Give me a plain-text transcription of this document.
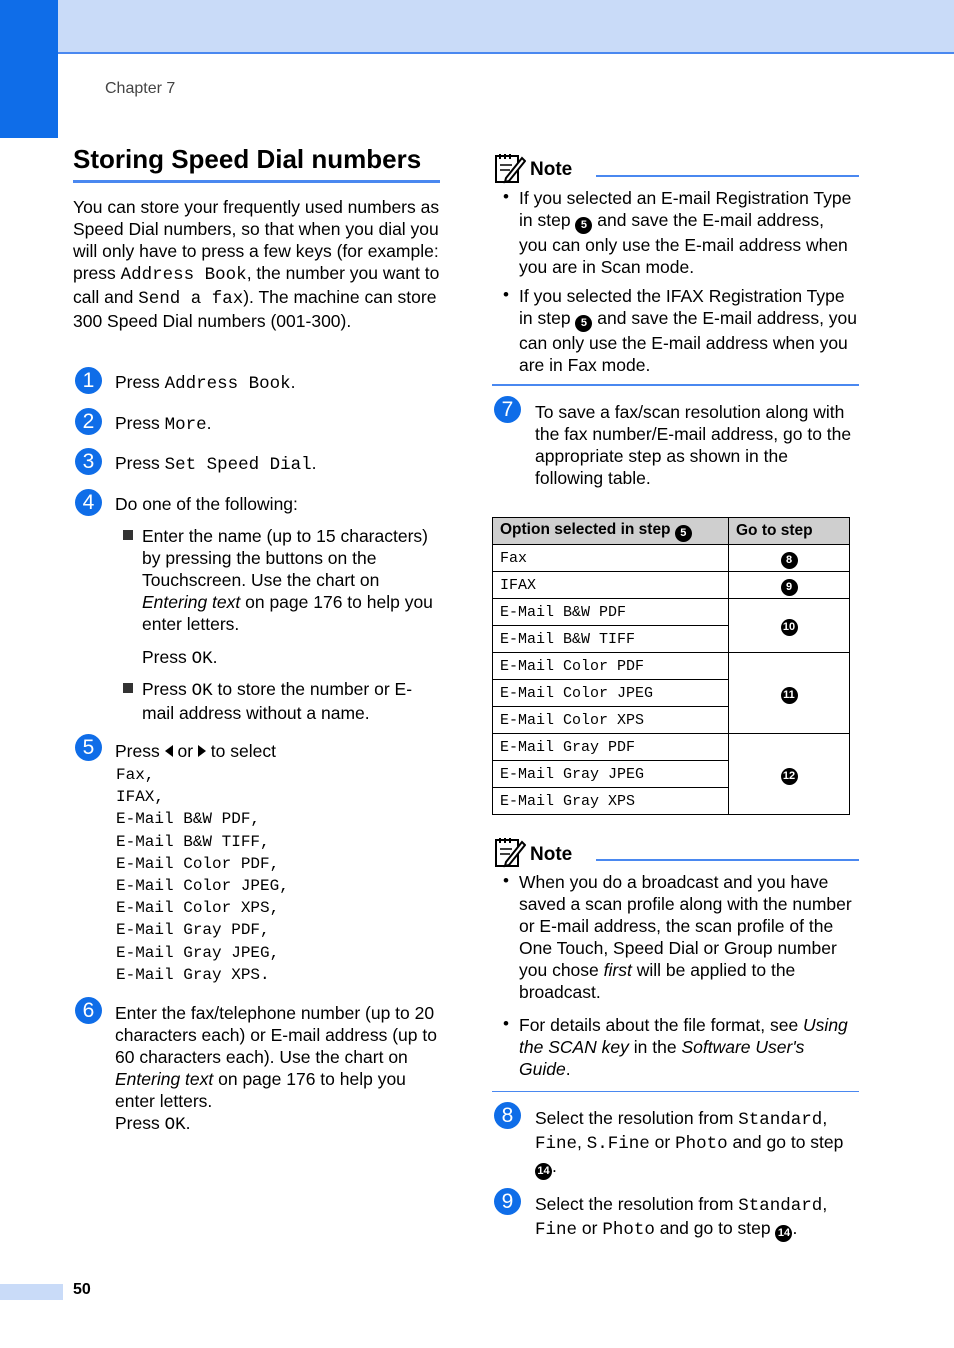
Chapter 7
Storing Speed Dial numbers
You can store your frequently used numbers as Speed Dial numbers, so that when you dial you will only have to press a few keys (for example: press Address Book, the number you want to call and Send a fax). The machine can store 300 Speed Dial numbers (001-300).
1	Press Address Book.
2	Press More.
3	Press Set Speed Dial.
4	Do one of the following:
Enter the name (up to 15 characters) by pressing the buttons on the Touchscreen. Use the chart on Entering text on page 176 to help you enter letters.
Press OK.
Press OK to store the number or E-mail address without a name.
5	Press  or  to select
Fax,
IFAX,
E-Mail B&W PDF,
E-Mail B&W TIFF,
E-Mail Color PDF,
E-Mail Color JPEG,
E-Mail Color XPS,
E-Mail Gray PDF,
E-Mail Gray JPEG,
E-Mail Gray XPS.
6	Enter the fax/telephone number (up to 20 characters each) or E-mail address (up to 60 characters each). Use the chart on Entering text on page 176 to help you enter letters.
Press OK.
Note
• If you selected an E-mail Registration Type in step 5 and save the E-mail address, you can only use the E-mail address when you are in Scan mode.
• If you selected the IFAX Registration Type in step 5 and save the E-mail address, you can only use the E-mail address when you are in Fax mode.
7	To save a fax/scan resolution along with the fax number/E-mail address, go to the appropriate step as shown in the following table.
Option selected in step 5	Go to step
Fax	8
IFAX	9
E-Mail B&W PDF	10
E-Mail B&W TIFF	
E-Mail Color PDF	11
E-Mail Color JPEG	
E-Mail Color XPS	
E-Mail Gray PDF	12
E-Mail Gray JPEG	
E-Mail Gray XPS	
Note
• When you do a broadcast and you have saved a scan profile along with the number or E-mail address, the scan profile of the One Touch, Speed Dial or Group number you chose first will be applied to the broadcast.
• For details about the file format, see Using the SCAN key in the Software User's Guide.
8	Select the resolution from Standard, Fine, S.Fine or Photo and go to step 14 .
9	Select the resolution from Standard, Fine or Photo and go to step 14 .
50
